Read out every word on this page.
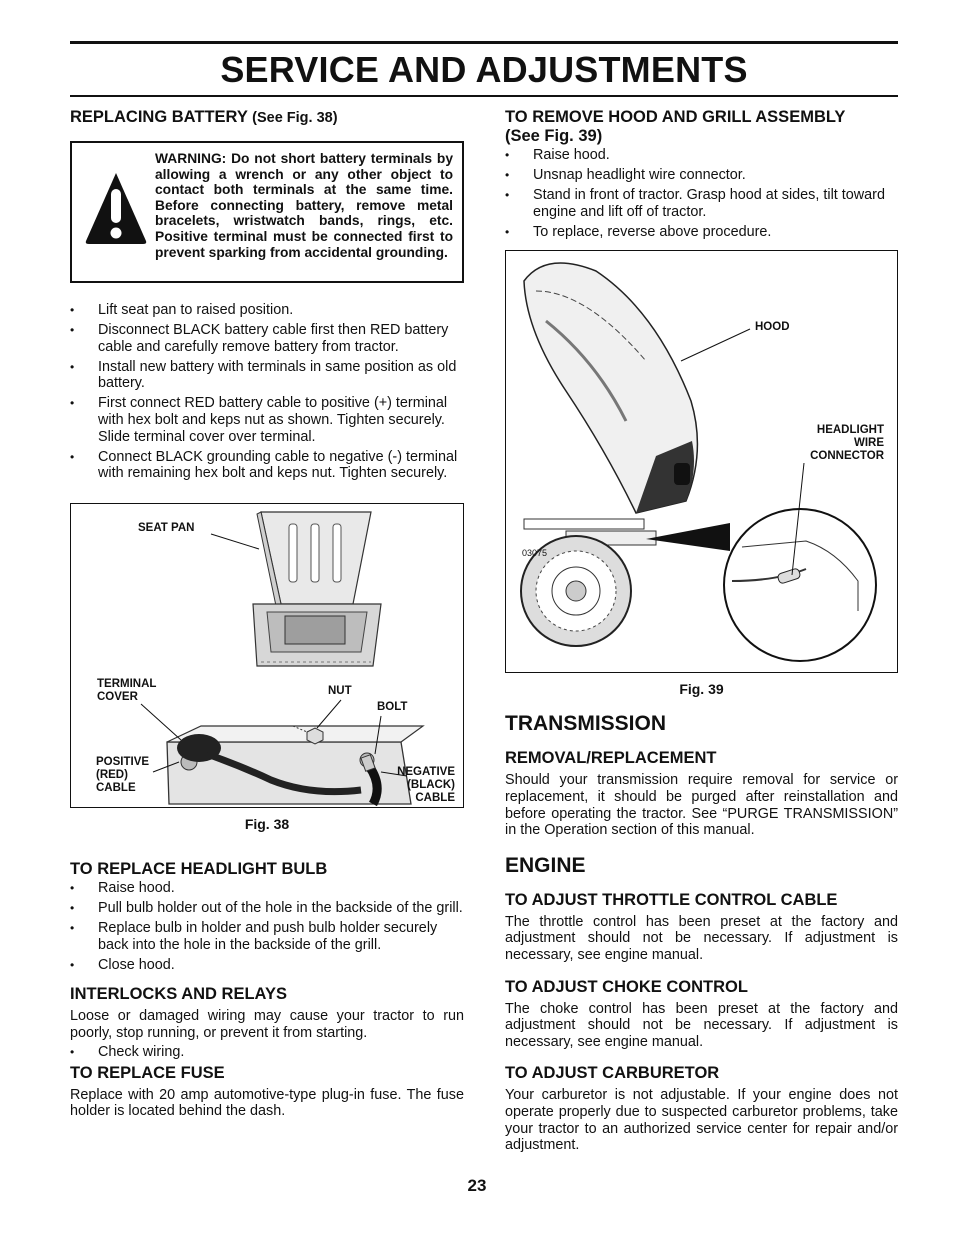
SERVICE AND ADJUSTMENTS
REPLACING BATTERY (See Fig. 38)
WARNING: Do not short battery terminals by allowing a wrench or any other object to contact both terminals at the same time. Before connecting battery, remove metal bracelets, wristwatch bands, rings, etc. Positive terminal must be connected first to prevent sparking from accidental grounding.
• Lift seat pan to raised position.
• Disconnect BLACK battery cable first then RED battery cable and carefully remove battery from tractor.
• Install new battery with terminals in same position as old battery.
• First connect RED battery cable to positive (+) terminal with hex bolt and keps nut as shown. Tighten securely. Slide terminal cover over terminal.
• Connect BLACK grounding cable to negative (-) terminal with remaining hex bolt and keps nut. Tighten securely.
SEAT PAN
TERMINAL COVER	NUT
BOLT
POSITIVE (RED) CABLE
NEGATIVE (BLACK) CABLE
Fig. 38
TO REPLACE HEADLIGHT BULB
• Raise hood.
• Pull bulb holder out of the hole in the backside of the grill.
• Replace bulb in holder and push bulb holder securely back into the hole in the backside of the grill.
• Close hood.
INTERLOCKS AND RELAYS

Loose or damaged wiring may cause your tractor to run poorly, stop running, or prevent it from starting.

• Check wiring.
TO REPLACE FUSE

Replace with 20 amp automotive-type plug-in fuse. The fuse holder is located behind the dash.

TO REMOVE HOOD AND GRILL ASSEMBLY
(See Fig. 39)
• Raise hood.
• Unsnap headlight wire connector.
• Stand in front of tractor. Grasp hood at sides, tilt toward engine and lift off of tractor.
• To replace, reverse above procedure.
HOOD
HEADLIGHT WIRE CONNECTOR
03075
Fig. 39
TRANSMISSION
REMOVAL/REPLACEMENT

Should your transmission require removal for service or replacement, it should be purged after reinstallation and before operating the tractor. See “PURGE TRANSMISSION” in the Operation section of this manual.

ENGINE
TO ADJUST THROTTLE CONTROL CABLE

The throttle control has been preset at the factory and adjustment should not be necessary. If adjustment is necessary, see engine manual.

TO ADJUST CHOKE CONTROL

The choke control has been preset at the factory and adjustment should not be necessary. If adjustment is necessary, see engine manual.

TO ADJUST CARBURETOR

Your carburetor is not adjustable. If your engine does not operate properly due to suspected carburetor problems, take your tractor to an authorized service center for repair and/or adjustment.

23
